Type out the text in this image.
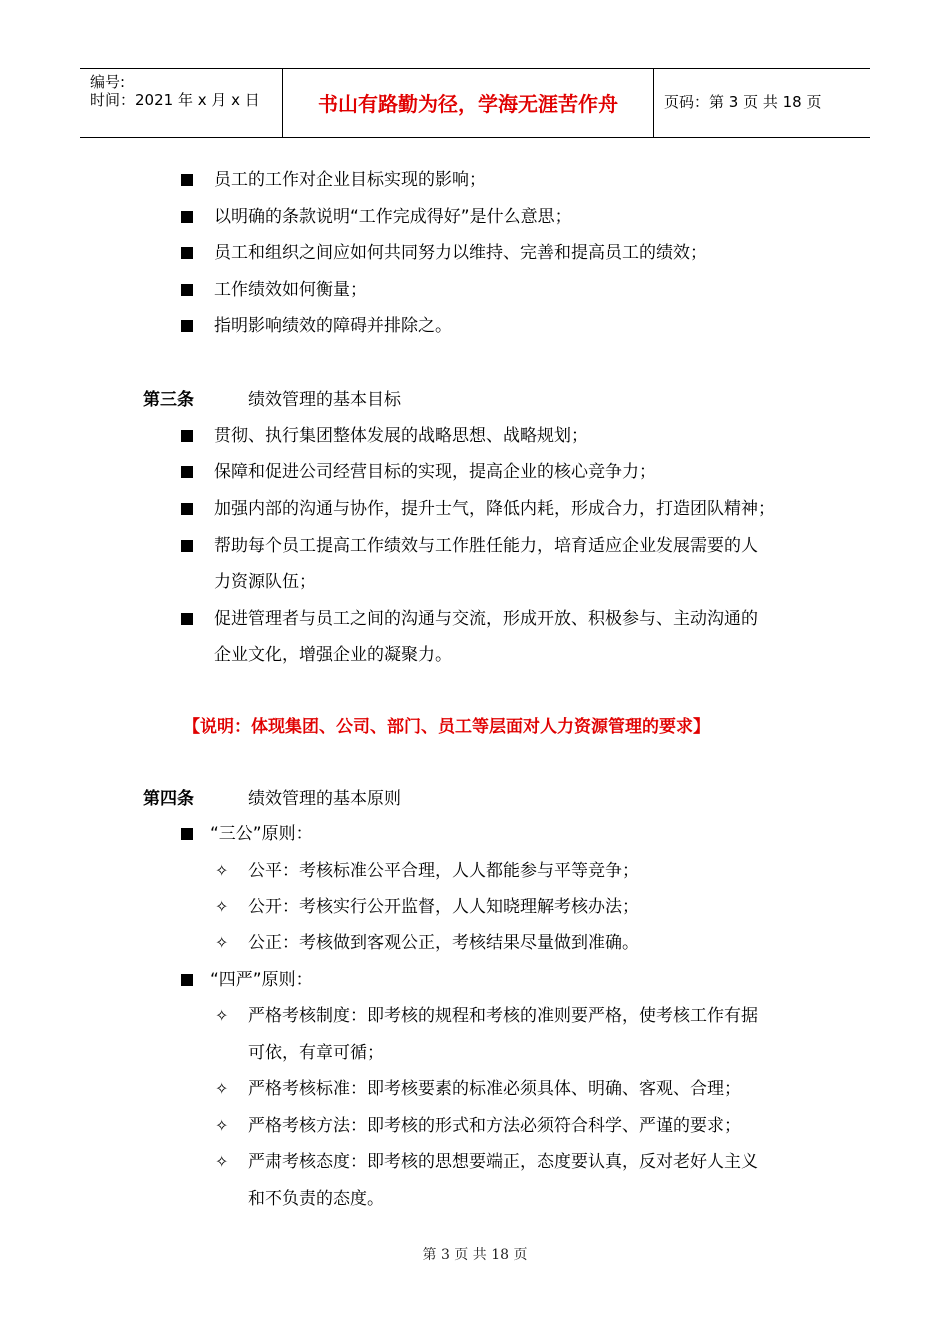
编号:
时间：2021 年 x 月 x 日	书山有路勤为径，学海无涯苦作舟	页码：第 3 页 共 18 页
员工的工作对企业目标实现的影响；
以明确的条款说明“工作完成得好”是什么意思；
员工和组织之间应如何共同努力以维持、完善和提高员工的绩效；
工作绩效如何衡量；
指明影响绩效的障碍并排除之。
第三条	绩效管理的基本目标
贯彻、执行集团整体发展的战略思想、战略规划；
保障和促进公司经营目标的实现，提高企业的核心竞争力；
加强内部的沟通与协作，提升士气，降低内耗，形成合力，打造团队精神；
帮助每个员工提高工作绩效与工作胜任能力，培育适应企业发展需要的人
力资源队伍；
促进管理者与员工之间的沟通与交流，形成开放、积极参与、主动沟通的
企业文化，增强企业的凝聚力。
【说明：体现集团、公司、部门、员工等层面对人力资源管理的要求】
第四条	绩效管理的基本原则
“三公”原则：
✧ 公平：考核标准公平合理，人人都能参与平等竞争；
✧ 公开：考核实行公开监督，人人知晓理解考核办法；
✧ 公正：考核做到客观公正，考核结果尽量做到准确。
“四严”原则：
✧ 严格考核制度：即考核的规程和考核的准则要严格，使考核工作有据
可依，有章可循；
✧ 严格考核标准：即考核要素的标准必须具体、明确、客观、合理；
✧ 严格考核方法：即考核的形式和方法必须符合科学、严谨的要求；
✧ 严肃考核态度：即考核的思想要端正，态度要认真，反对老好人主义
和不负责的态度。
第 3 页 共 18 页
